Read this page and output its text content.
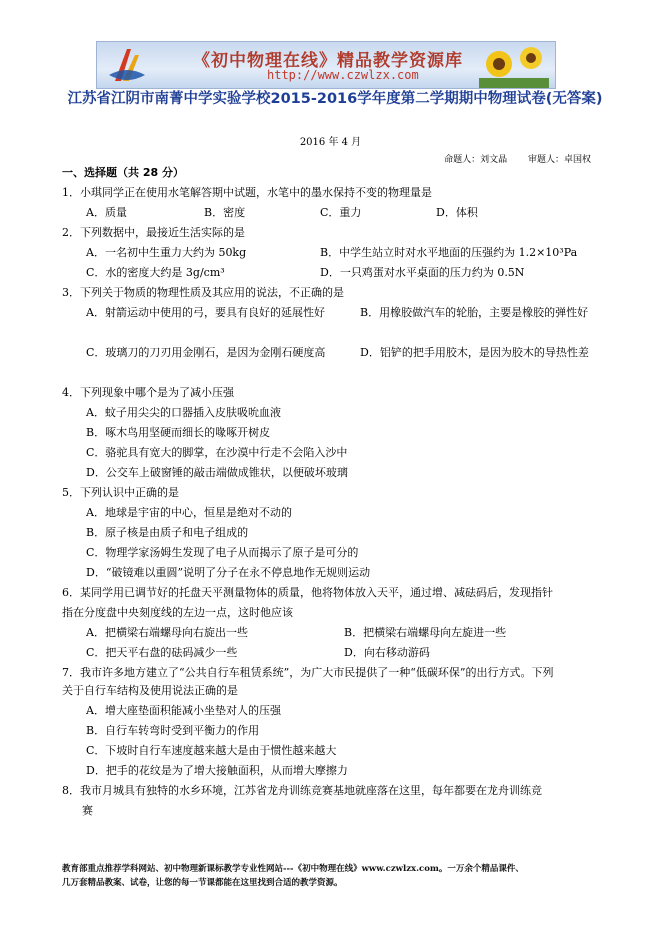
《初中物理在线》精品教学资源库
http://www.czwlzx.com
江苏省江阴市南菁中学实验学校2015-2016学年度第二学期期中物理试卷(无答案)
2016 年 4 月
命题人：刘文晶 审题人：卓国权
一、选择题（共 28 分）
1．小琪同学正在使用水笔解答期中试题，水笔中的墨水保持不变的物理量是
A．质量	B．密度	C．重力	D．体积
2．下列数据中，最接近生活实际的是
A．一名初中生重力大约为 50kg	B．中学生站立时对水平地面的压强约为 1.2×10³Pa
C．水的密度大约是 3g/cm³	D．一只鸡蛋对水平桌面的压力约为 0.5N
3．下列关于物质的物理性质及其应用的说法，不正确的是
A．射箭运动中使用的弓，要具有良好的延展性好	B．用橡胶做汽车的轮胎，主要是橡胶的弹性好
C．玻璃刀的刀刃用金刚石，是因为金刚石硬度高	D．铝铲的把手用胶木，是因为胶木的导热性差
4．下列现象中哪个是为了减小压强
A．蚊子用尖尖的口器插入皮肤吸吮血液
B．啄木鸟用坚硬而细长的喙啄开树皮
C．骆驼具有宽大的脚掌，在沙漠中行走不会陷入沙中
D．公交车上破窗锤的敲击端做成锥状，以便破坏玻璃
5．下列认识中正确的是
A．地球是宇宙的中心，恒星是绝对不动的
B．原子核是由质子和电子组成的
C．物理学家汤姆生发现了电子从而揭示了原子是可分的
D．“破镜难以重圆”说明了分子在永不停息地作无规则运动
6．某同学用已调节好的托盘天平测量物体的质量，他将物体放入天平，通过增、减砝码后，发现指针
指在分度盘中央刻度线的左边一点，这时他应该
A．把横梁右端螺母向右旋出一些	B．把横梁右端螺母向左旋进一些
C．把天平右盘的砝码减少一些	D．向右移动游码
7．我市许多地方建立了“公共自行车租赁系统”，为广大市民提供了一种“低碳环保”的出行方式。下列
关于自行车结构及使用说法正确的是
A．增大座垫面积能减小坐垫对人的压强
B．自行车转弯时受到平衡力的作用
C．下坡时自行车速度越来越大是由于惯性越来越大
D．把手的花纹是为了增大接触面积，从而增大摩擦力
8．我市月城具有独特的水乡环境，江苏省龙舟训练竞赛基地就座落在这里，每年都要在龙舟训练竞
赛
教育部重点推荐学科网站、初中物理新课标教学专业性网站---《初中物理在线》www.czwlzx.com。一万余个精品课件、
几万套精品教案、试卷，让您的每一节课都能在这里找到合适的教学资源。
